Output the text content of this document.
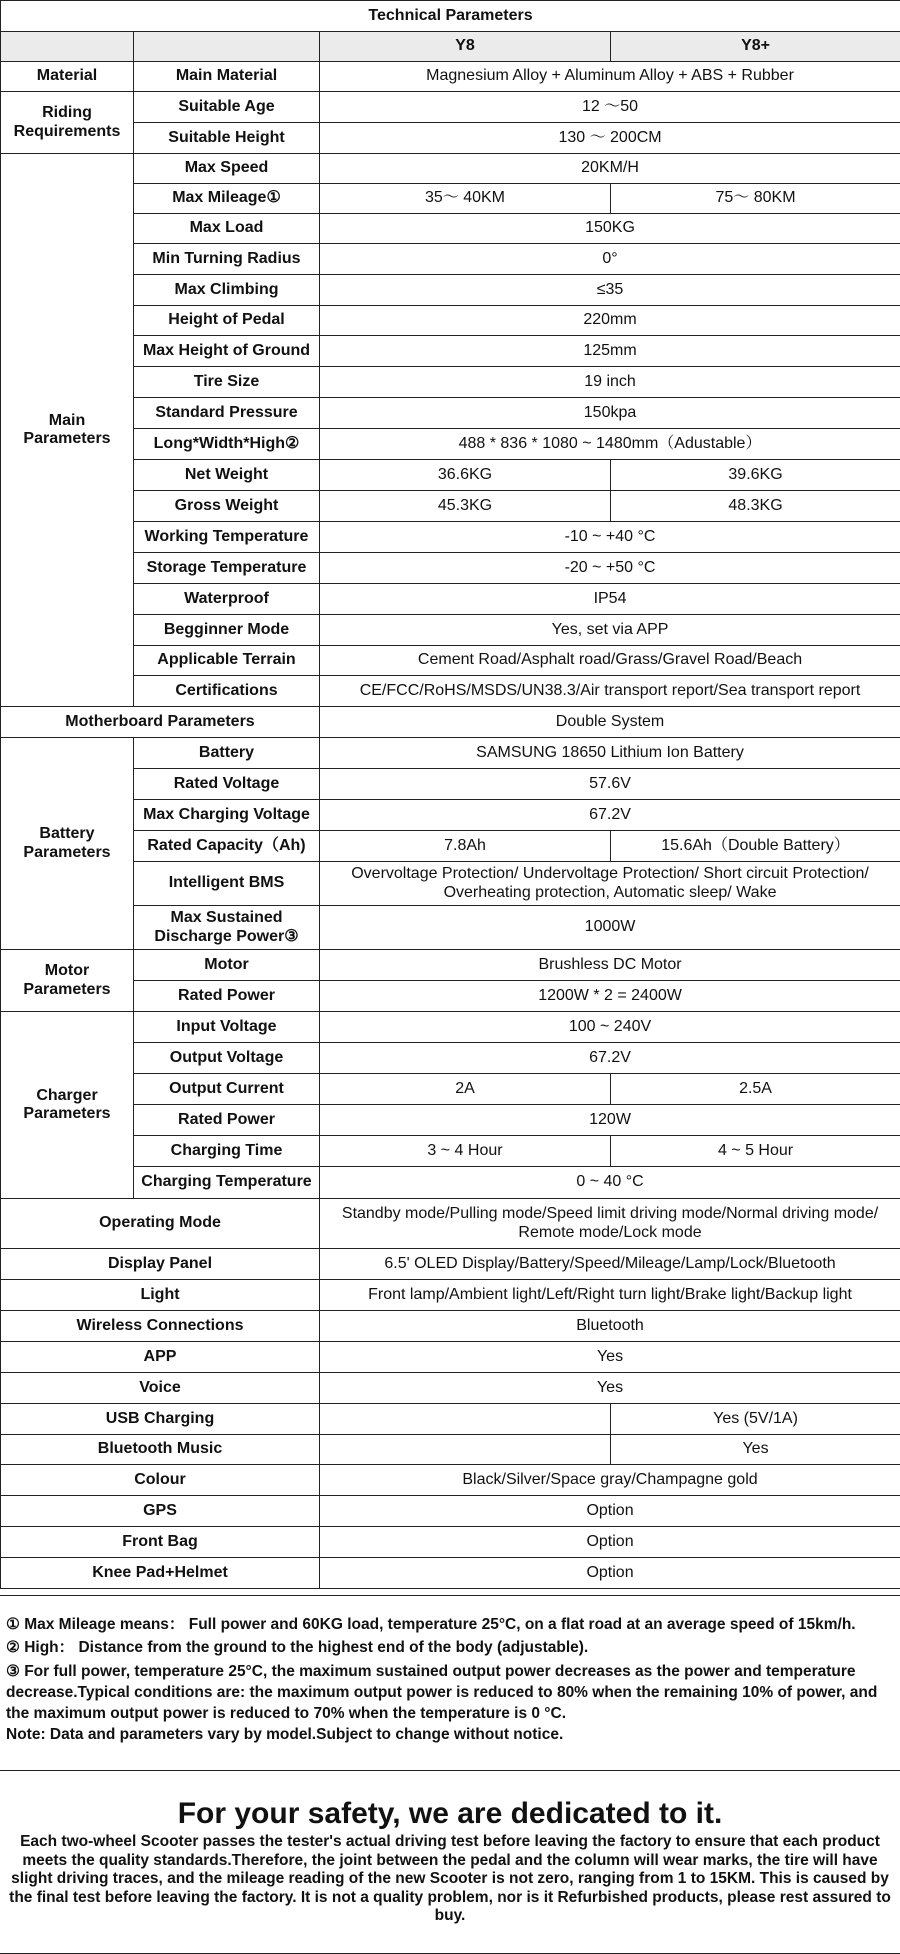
Technical Parameters			
		Y8	Y8+
Material	Main Material	Magnesium Alloy + Aluminum Alloy + ABS + Rubber	
Riding Requirements	Suitable Age	12 ～50	
	Suitable Height	130 ～ 200CM	
Main Parameters	Max Speed	20KM/H	
	Max Mileage①	35～ 40KM	75～ 80KM
	Max Load	150KG	
	Min Turning Radius	0°	
	Max Climbing	≤35	
	Height of Pedal	220mm	
	Max Height of Ground	125mm	
	Tire Size	19 inch	
	Standard Pressure	150kpa	
	Long*Width*High②	488 * 836 * 1080 ~ 1480mm（Adustable）	
	Net Weight	36.6KG	39.6KG
	Gross Weight	45.3KG	48.3KG
	Working Temperature	-10 ~ +40 °C	
	Storage Temperature	-20 ~ +50 °C	
	Waterproof	IP54	
	Begginner Mode	Yes, set via APP	
	Applicable Terrain	Cement Road/Asphalt road/Grass/Gravel Road/Beach	
	Certifications	CE/FCC/RoHS/MSDS/UN38.3/Air transport report/Sea transport report	
Motherboard Parameters		Double System	
Battery Parameters	Battery	SAMSUNG 18650 Lithium Ion Battery	
	Rated Voltage	57.6V	
	Max Charging Voltage	67.2V	
	Rated Capacity（Ah)	7.8Ah	15.6Ah（Double Battery）
	Intelligent BMS	Overvoltage Protection/ Undervoltage Protection/ Short circuit Protection/ Overheating protection, Automatic sleep/ Wake	
	Max Sustained Discharge Power③	1000W	
Motor Parameters	Motor	Brushless DC Motor	
	Rated Power	1200W * 2 = 2400W	
Charger Parameters	Input Voltage	100 ~ 240V	
	Output Voltage	67.2V	
	Output Current	2A	2.5A
	Rated Power	120W	
	Charging Time	3 ~ 4 Hour	4 ~ 5 Hour
	Charging Temperature	0 ~ 40 °C	
Operating Mode		Standby mode/Pulling mode/Speed limit driving mode/Normal driving mode/ Remote mode/Lock mode	
Display Panel		6.5' OLED Display/Battery/Speed/Mileage/Lamp/Lock/Bluetooth	
Light		Front lamp/Ambient light/Left/Right turn light/Brake light/Backup light	
Wireless Connections		Bluetooth	
APP		Yes	
Voice		Yes	
USB Charging			Yes (5V/1A)
Bluetooth Music			Yes
Colour		Black/Silver/Space gray/Champagne gold	
GPS		Option	
Front Bag		Option	
Knee Pad+Helmet		Option	

① Max Mileage means： Full power and 60KG load, temperature 25°C, on a flat road at an average speed of 15km/h.

② High： Distance from the ground to the highest end of the body (adjustable).

③ For full power, temperature 25°C, the maximum sustained output power decreases as the power and temperature decrease.Typical conditions are: the maximum output power is reduced to 80% when the remaining 10% of power, and the maximum output power is reduced to 70% when the temperature is 0 °C.

Note: Data and parameters vary by model.Subject to change without notice.

For your safety, we are dedicated to it.

Each two-wheel Scooter passes the tester's actual driving test before leaving the factory to ensure that each product meets the quality standards.Therefore, the joint between the pedal and the column will wear marks, the tire will have slight driving traces, and the mileage reading of the new Scooter is not zero, ranging from 1 to 15KM. This is caused by the final test before leaving the factory. It is not a quality problem, nor is it Refurbished products, please rest assured to buy.
